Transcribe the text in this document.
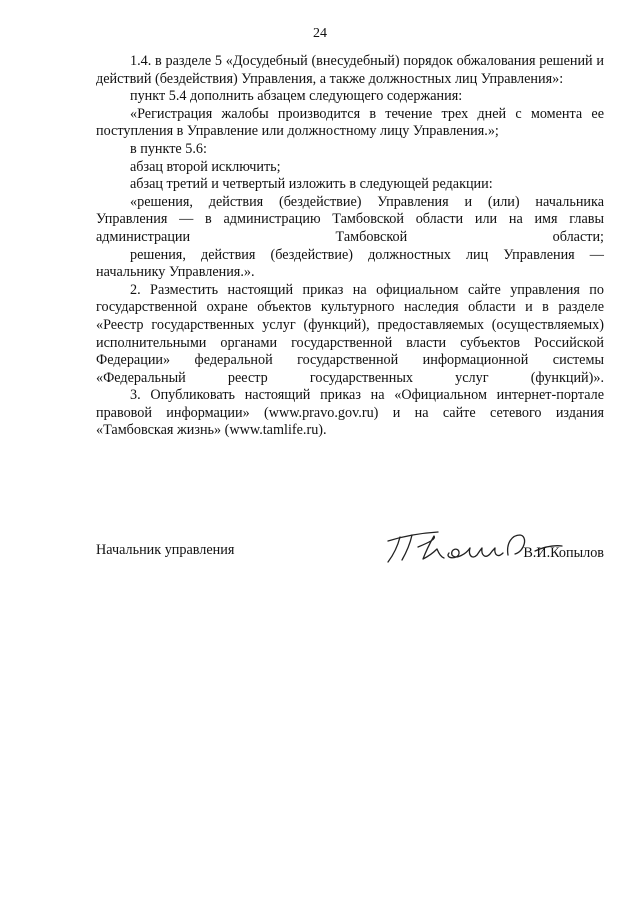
24

1.4. в разделе 5 «Досудебный (внесудебный) порядок обжалования решений и действий (бездействия) Управления, а также должностных лиц Управления»:

пункт 5.4 дополнить абзацем следующего содержания:

«Регистрация жалобы производится в течение трех дней с момента ее поступления в Управление или должностному лицу Управления.»;

в пункте 5.6:

абзац второй исключить;

абзац третий и четвертый изложить в следующей редакции:

«решения, действия (бездействие) Управления и (или) начальника Управления — в администрацию Тамбовской области или на имя главы администрации Тамбовской области;

решения, действия (бездействие) должностных лиц Управления — начальнику Управления.».

2. Разместить настоящий приказ на официальном сайте управления по государственной охране объектов культурного наследия области и в разделе «Реестр государственных услуг (функций), предоставляемых (осуществляемых) исполнительными органами государственной власти субъектов Российской Федерации» федеральной государственной информационной системы «Федеральный реестр государственных услуг (функций)».

3. Опубликовать настоящий приказ на «Официальном интернет-портале правовой информации» (www.pravo.gov.ru) и на сайте сетевого издания «Тамбовская жизнь» (www.tamlife.ru).

Начальник управления	В.И.Копылов
